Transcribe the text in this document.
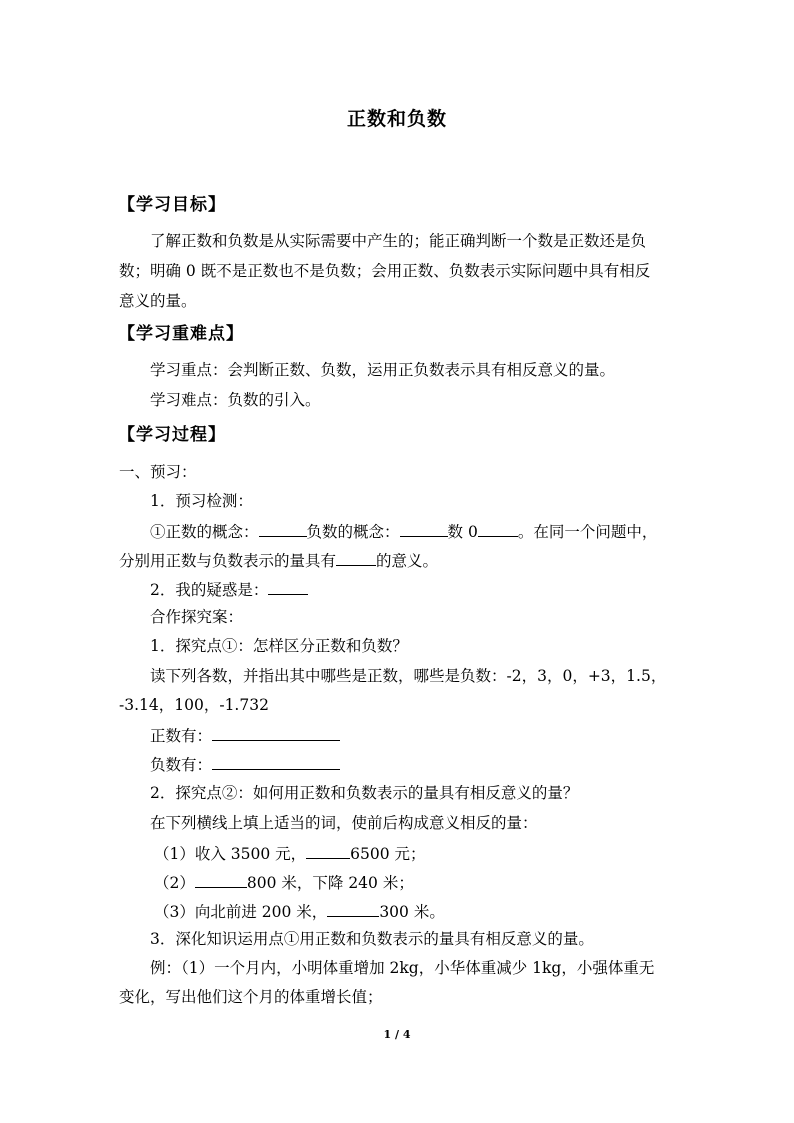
正数和负数
【学习目标】
了解正数和负数是从实际需要中产生的；能正确判断一个数是正数还是负
数；明确 0 既不是正数也不是负数；会用正数、负数表示实际问题中具有相反
意义的量。
【学习重难点】
学习重点：会判断正数、负数，运用正负数表示具有相反意义的量。
学习难点：负数的引入。
【学习过程】
一、预习：
1．预习检测：
①正数的概念：	负数的概念：	数 0	。在同一个问题中，
分别用正数与负数表示的量具有	的意义。
2．我的疑惑是：
合作探究案：
1．探究点①：怎样区分正数和负数？
读下列各数，并指出其中哪些是正数，哪些是负数：-2，3，0，+3，1.5，
-3.14，100，-1.732
正数有：
负数有：
2．探究点②：如何用正数和负数表示的量具有相反意义的量？
在下列横线上填上适当的词，使前后构成意义相反的量：
（1）收入 3500 元，	6500 元；
（2）	800 米，下降 240 米；
（3）向北前进 200 米，	300 米。
3．深化知识运用点①用正数和负数表示的量具有相反意义的量。
例：（1）一个月内，小明体重增加 2kg，小华体重减少 1kg，小强体重无
变化，写出他们这个月的体重增长值；
1 / 4
